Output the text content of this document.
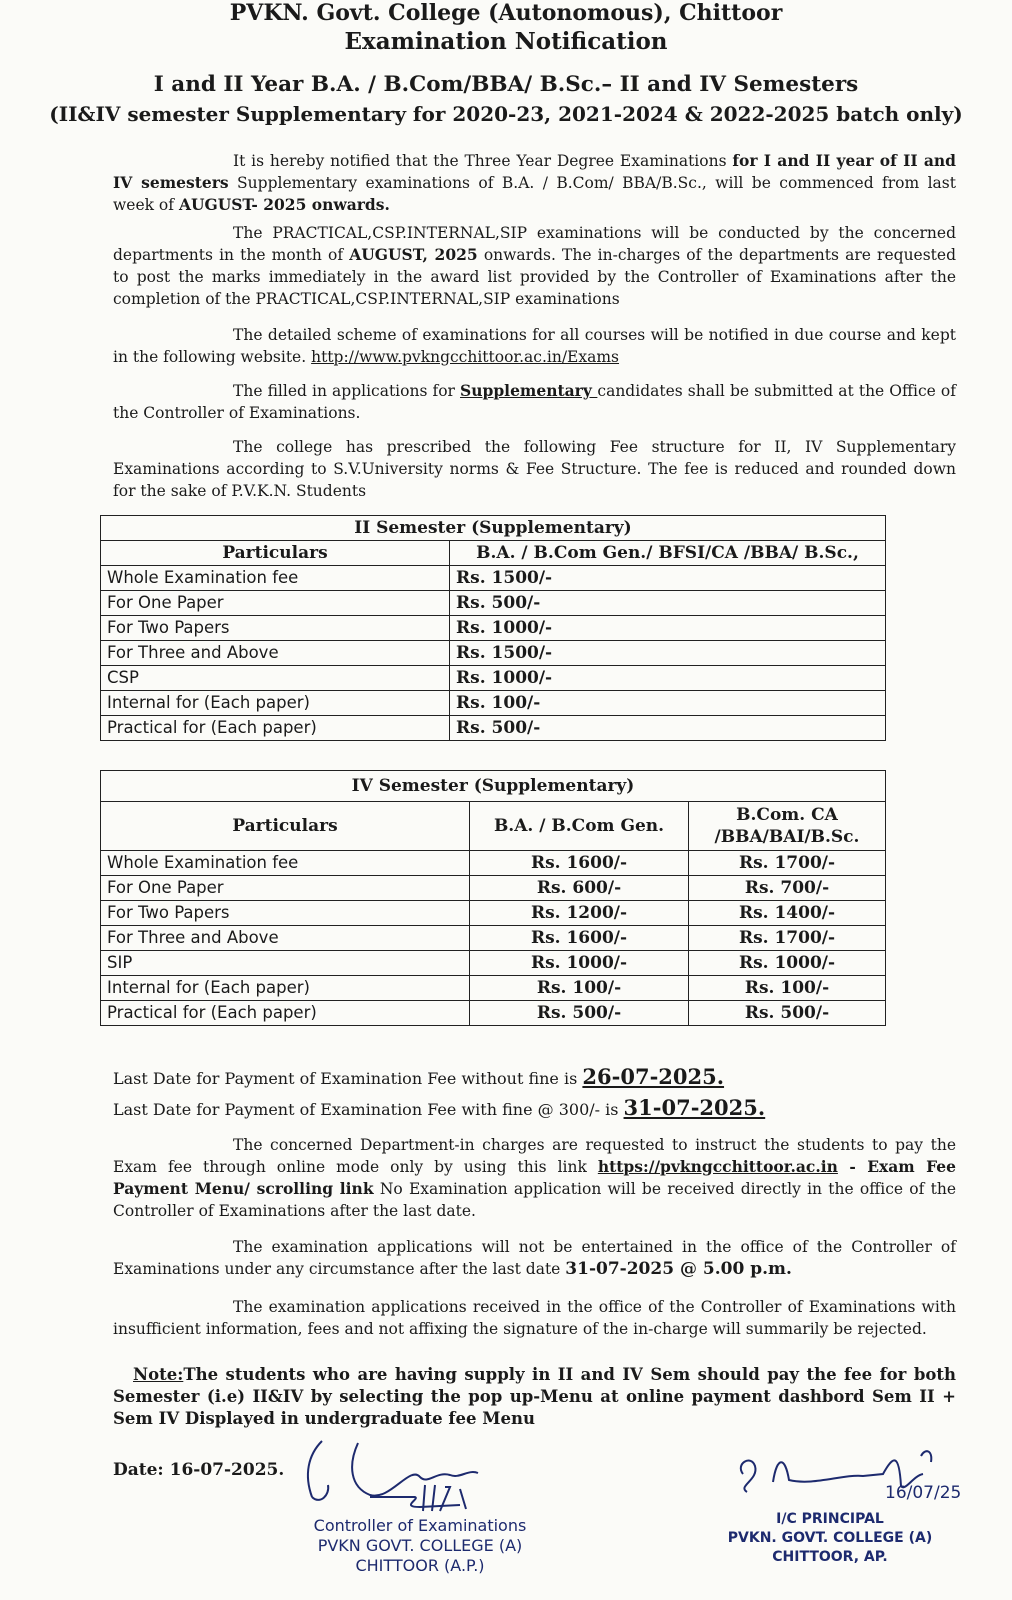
PVKN. Govt. College (Autonomous), Chittoor
Examination Notification
I and II Year B.A. / B.Com/BBA/ B.Sc.– II and IV Semesters
(II&IV semester Supplementary for 2020-23, 2021-2024 & 2022-2025 batch only)

It is hereby notified that the Three Year Degree Examinations for I and II year of II and IV semesters Supplementary examinations of B.A. / B.Com/ BBA/B.Sc., will be commenced from last week of AUGUST- 2025 onwards.

The PRACTICAL,CSP.INTERNAL,SIP examinations will be conducted by the concerned departments in the month of AUGUST, 2025 onwards. The in-charges of the departments are requested to post the marks immediately in the award list provided by the Controller of Examinations after the completion of the PRACTICAL,CSP.INTERNAL,SIP examinations

The detailed scheme of examinations for all courses will be notified in due course and kept in the following website. http://www.pvkngcchittoor.ac.in/Exams

The filled in applications for Supplementary candidates shall be submitted at the Office of the Controller of Examinations.

The college has prescribed the following Fee structure for II, IV Supplementary Examinations according to S.V.University norms & Fee Structure. The fee is reduced and rounded down for the sake of P.V.K.N. Students

II Semester (Supplementary)	
Particulars	B.A. / B.Com Gen./ BFSI/CA /BBA/ B.Sc.,
Whole Examination fee	Rs. 1500/-
For One Paper	Rs. 500/-
For Two Papers	Rs. 1000/-
For Three and Above	Rs. 1500/-
CSP	Rs. 1000/-
Internal for (Each paper)	Rs. 100/-
Practical for (Each paper)	Rs. 500/-
IV Semester (Supplementary)		
Particulars	B.A. / B.Com Gen.	B.Com. CA
/BBA/BAI/B.Sc.
Whole Examination fee	Rs. 1600/-	Rs. 1700/-
For One Paper	Rs. 600/-	Rs. 700/-
For Two Papers	Rs. 1200/-	Rs. 1400/-
For Three and Above	Rs. 1600/-	Rs. 1700/-
SIP	Rs. 1000/-	Rs. 1000/-
Internal for (Each paper)	Rs. 100/-	Rs. 100/-
Practical for (Each paper)	Rs. 500/-	Rs. 500/-
Last Date for Payment of Examination Fee without fine is 26-07-2025.
Last Date for Payment of Examination Fee with fine @ 300/- is 31-07-2025.

The concerned Department-in charges are requested to instruct the students to pay the Exam fee through online mode only by using this link https://pvkngcchittoor.ac.in - Exam Fee Payment Menu/ scrolling link No Examination application will be received directly in the office of the Controller of Examinations after the last date.

The examination applications will not be entertained in the office of the Controller of Examinations under any circumstance after the last date 31-07-2025 @ 5.00 p.m.

The examination applications received in the office of the Controller of Examinations with insufficient information, fees and not affixing the signature of the in-charge will summarily be rejected.

Note:The students who are having supply in II and IV Sem should pay the fee for both Semester (i.e) II&IV by selecting the pop up-Menu at online payment dashbord Sem II + Sem IV Displayed in undergraduate fee Menu

Date: 16-07-2025.
16/07/25
Controller of Examinations
PVKN GOVT. COLLEGE (A)
CHITTOOR (A.P.)
I/C PRINCIPAL
PVKN. GOVT. COLLEGE (A)
CHITTOOR, AP.
